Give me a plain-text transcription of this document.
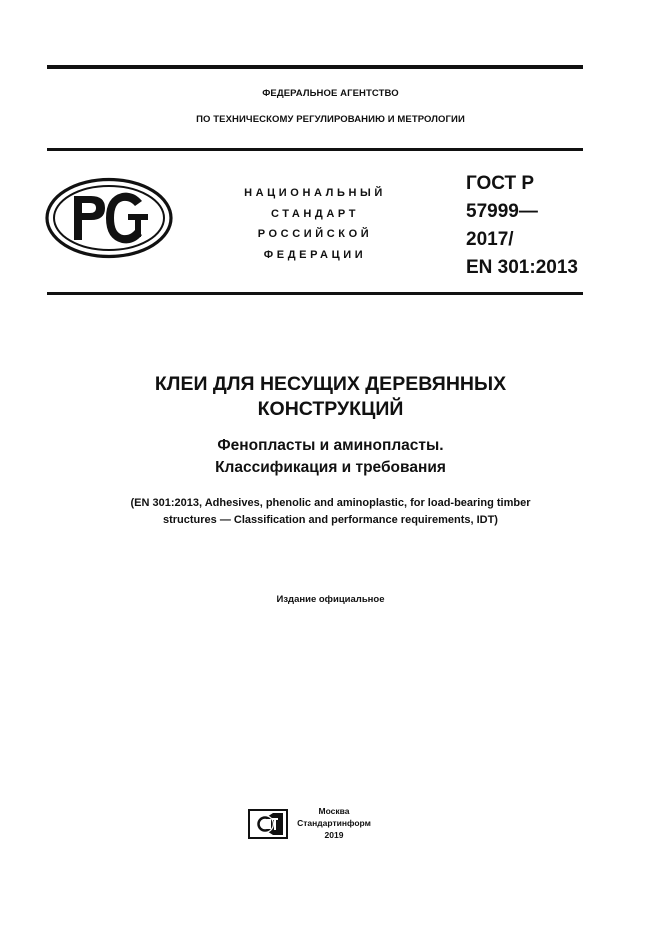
ФЕДЕРАЛЬНОЕ АГЕНТСТВО
ПО ТЕХНИЧЕСКОМУ РЕГУЛИРОВАНИЮ И МЕТРОЛОГИИ
НАЦИОНАЛЬНЫЙ
СТАНДАРТ
РОССИЙСКОЙ
ФЕДЕРАЦИИ
ГОСТ Р
57999—
2017/
EN 301:2013
КЛЕИ ДЛЯ НЕСУЩИХ ДЕРЕВЯННЫХ
КОНСТРУКЦИЙ
Фенопласты и аминопласты.
Классификация и требования
(EN 301:2013, Adhesives, phenolic and aminoplastic, for load-bearing timber
structures — Classification and performance requirements, IDT)
Издание официальное
Москва
Стандартинформ
2019
